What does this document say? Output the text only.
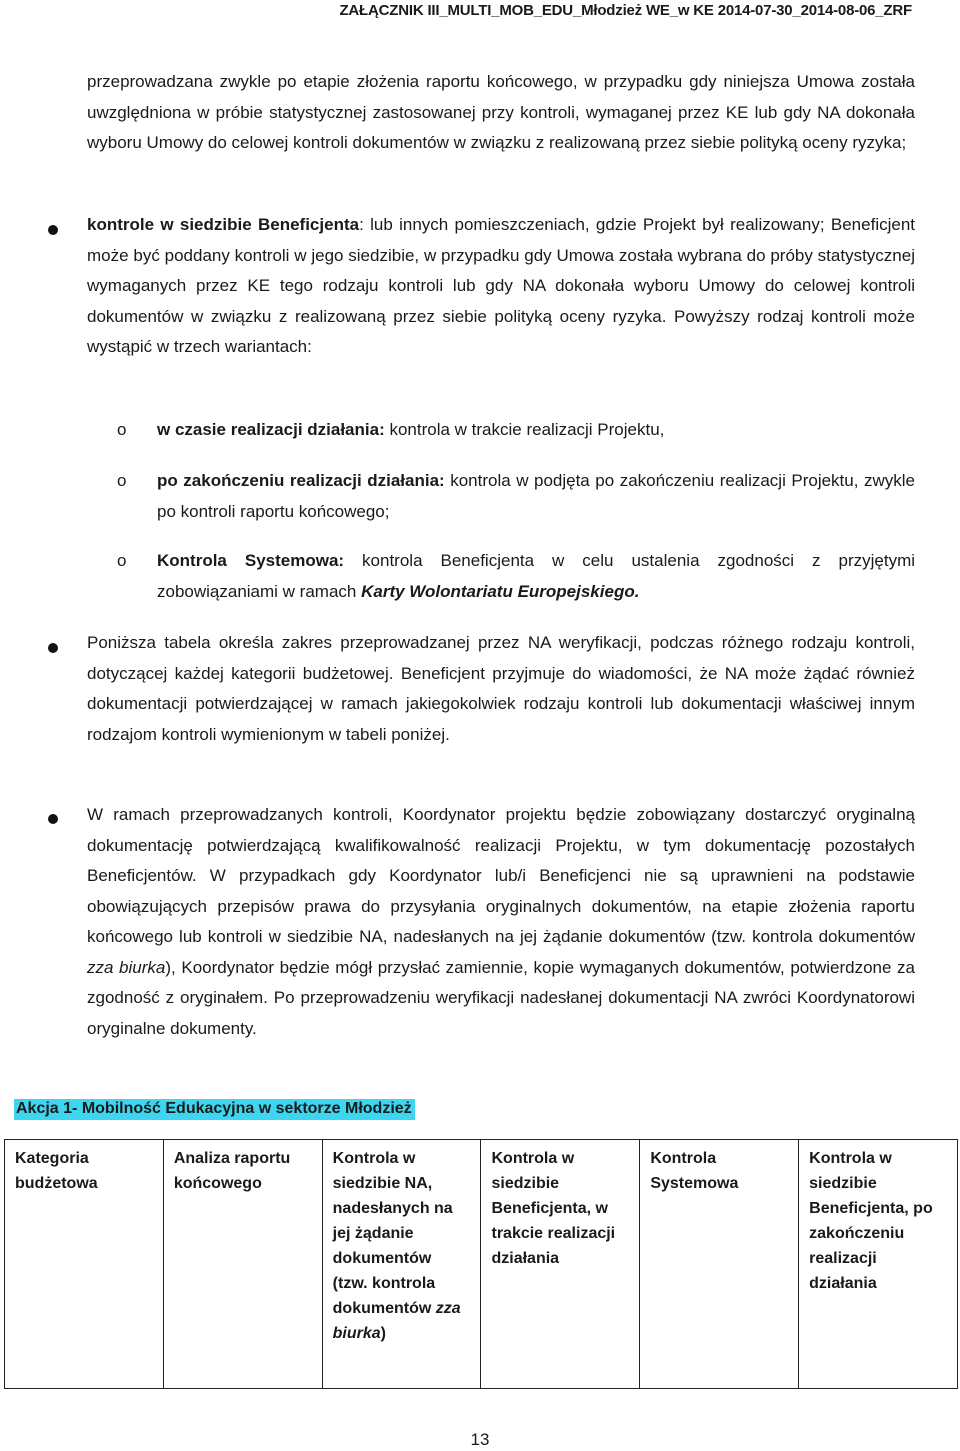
ZAŁĄCZNIK III_MULTI_MOB_EDU_Młodzież WE_w KE 2014-07-30_2014-08-06_ZRF
przeprowadzana zwykle po etapie złożenia raportu końcowego, w przypadku gdy niniejsza Umowa została uwzględniona w próbie statystycznej zastosowanej przy kontroli, wymaganej przez KE lub gdy NA dokonała wyboru Umowy do celowej kontroli dokumentów w związku z realizowaną przez siebie polityką oceny ryzyka;
kontrole w siedzibie Beneficjenta: lub innych pomieszczeniach, gdzie Projekt był realizowany; Beneficjent może być poddany kontroli w jego siedzibie, w przypadku gdy Umowa została wybrana do próby statystycznej wymaganych przez KE tego rodzaju kontroli lub gdy NA dokonała wyboru Umowy do celowej kontroli dokumentów w związku z realizowaną przez siebie polityką oceny ryzyka. Powyższy rodzaj kontroli może wystąpić w trzech wariantach:
o w czasie realizacji działania: kontrola w trakcie realizacji Projektu,
o po zakończeniu realizacji działania: kontrola w podjęta po zakończeniu realizacji Projektu, zwykle po kontroli raportu końcowego;
o Kontrola Systemowa: kontrola Beneficjenta w celu ustalenia zgodności z przyjętymi zobowiązaniami w ramach Karty Wolontariatu Europejskiego.
Poniższa tabela określa zakres przeprowadzanej przez NA weryfikacji, podczas różnego rodzaju kontroli, dotyczącej każdej kategorii budżetowej. Beneficjent przyjmuje do wiadomości, że NA może żądać również dokumentacji potwierdzającej w ramach jakiegokolwiek rodzaju kontroli lub dokumentacji właściwej innym rodzajom kontroli wymienionym w tabeli poniżej.
W ramach przeprowadzanych kontroli, Koordynator projektu będzie zobowiązany dostarczyć oryginalną dokumentację potwierdzającą kwalifikowalność realizacji Projektu, w tym dokumentację pozostałych Beneficjentów. W przypadkach gdy Koordynator lub/i Beneficjenci nie są uprawnieni na podstawie obowiązujących przepisów prawa do przysyłania oryginalnych dokumentów, na etapie złożenia raportu końcowego lub kontroli w siedzibie NA, nadesłanych na jej żądanie dokumentów (tzw. kontrola dokumentów zza biurka), Koordynator będzie mógł przysłać zamiennie, kopie wymaganych dokumentów, potwierdzone za zgodność z oryginałem. Po przeprowadzeniu weryfikacji nadesłanej dokumentacji NA zwróci Koordynatorowi oryginalne dokumenty.
Akcja 1- Mobilność Edukacyjna w sektorze Młodzież
Kategoria budżetowa	Analiza raportu końcowego	Kontrola w siedzibie NA, nadesłanych na jej żądanie dokumentów (tzw. kontrola dokumentów zza biurka)	Kontrola w siedzibie Beneficjenta, w trakcie realizacji działania	Kontrola Systemowa	Kontrola w siedzibie Beneficjenta, po zakończeniu realizacji działania
13
